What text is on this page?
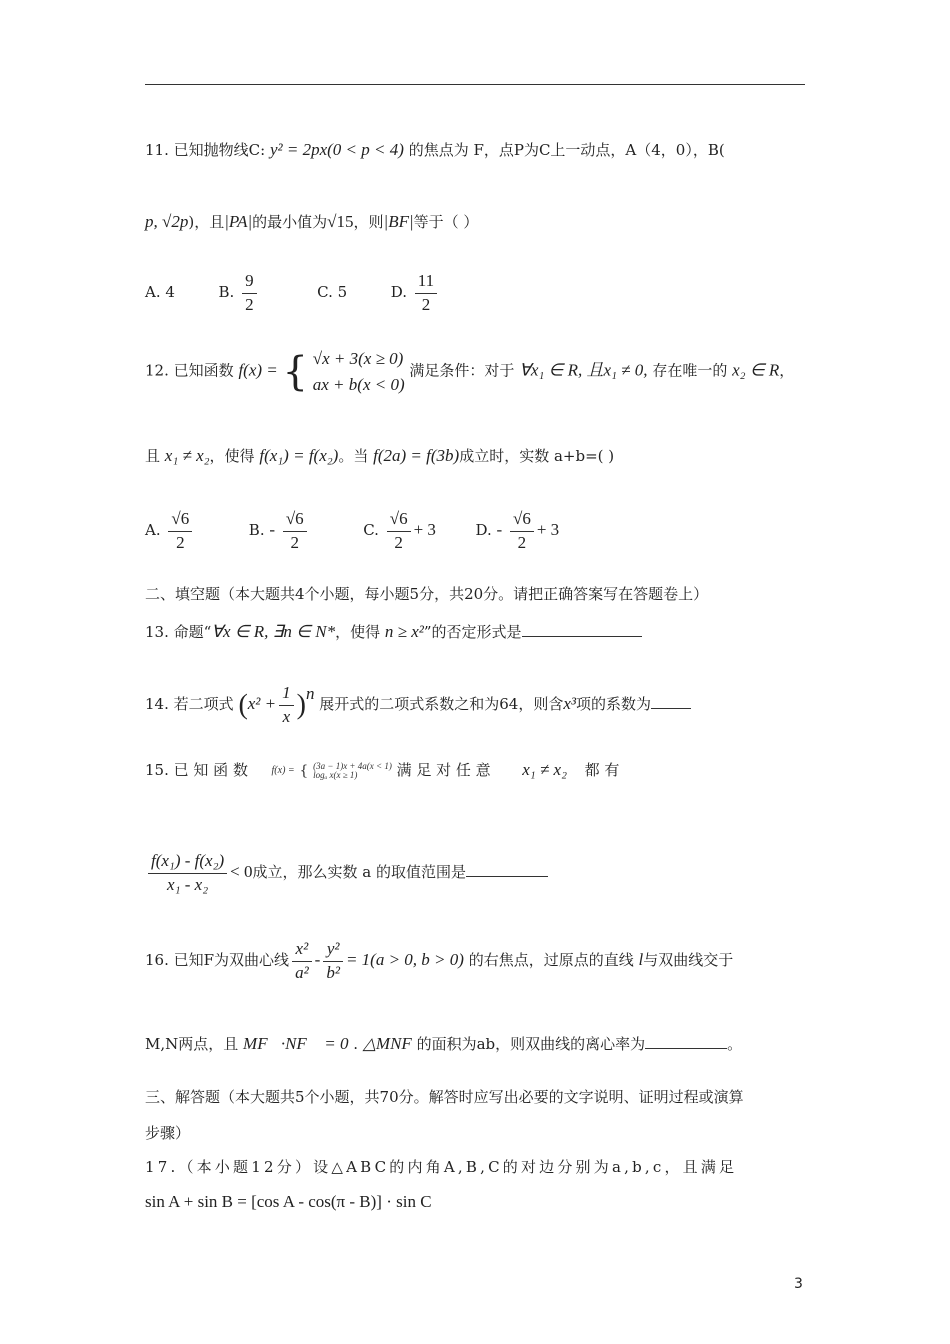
11. 已知抛物线C: y² = 2px(0 < p < 4) 的焦点为 F，点P为C上一动点，A（4，0），B(
p, √2p)，且|PA|的最小值为√15，则|BF|等于（ ）
A. 4	B. $\frac{9}{2}$	C. 5	D. $\frac{11}{2}$
12. 已知函数 f(x) = { √x + 3(x ≥ 0)
ax + b(x < 0) 满足条件：对于 ∀x₁ ∈ R, 且x₁ ≠ 0, 存在唯一的 x₂ ∈ R，
且 x₁ ≠ x₂，使得 f(x₁) = f(x₂)。当 f(2a) = f(3b)成立时，实数 a+b=( )
A. $\frac{√6}{2}$	B. - $\frac{√6}{2}$	C. $\frac{√6}{2} + 3$	D. - $\frac{√6}{2} + 3$
二、填空题（本大题共4个小题，每小题5分，共20分。请把正确答案写在答题卷上）
13. 命题“∀x ∈ R, ∃n ∈ N*，使得 n ≥ x²”的否定形式是
14. 若二项式 $(x^2 + \frac{1}{x} )^n$ 展开式的二项式系数之和为64，则含x³项的系数为
15. 已 知 函 数 f(x) = { (3a − 1)x + 4a(x < 1)
logₐ x(x ≥ 1)	满 足 对 任 意 x₁ ≠ x₂ 都 有
$\frac{\text{f(x₁) - f(x₂)}}{\text{x₁ - x₂}} < 0$成立，那么实数 a 的取值范围是
16. 已知F为双曲心线 $\frac{\text{x²}}{\text{a²}} - \frac{\text{y²}}{\text{b²}} = 1(a > 0$, b > 0) 的右焦点，过原点的直线 l与双曲线交于
M,N两点，且 MF⃗·NF⃗ = 0 . △MNF 的面积为ab，则双曲线的离心率为	。
三、解答题（本大题共5个小题，共70分。解答时应写出必要的文字说明、证明过程或演算
步骤）
17.（本小题12分）设△ABC的内角A,B,C的对边分别为a,b,c，且满足
sin A + sin B = [cos A - cos(π - B)] · sin C
3
